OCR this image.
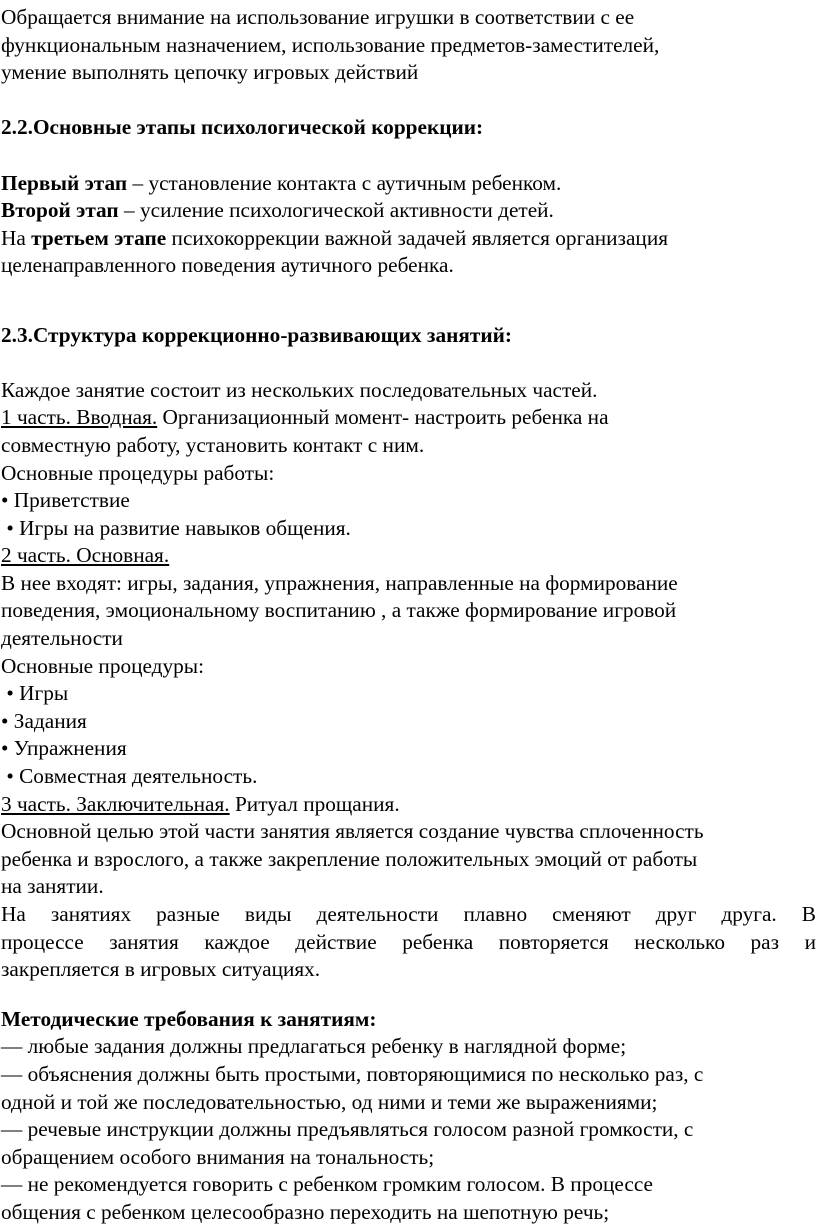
Обращается внимание на использование игрушки в соответствии с ее

функциональным назначением, использование предметов-заместителей,

умение выполнять цепочку игровых действий

2.2.Основные этапы психологической коррекции:

Первый этап – установление контакта с аутичным ребенком.

Второй этап – усиление психологической активности детей.

На третьем этапе психокоррекции важной задачей является организация

целенаправленного поведения аутичного ребенка.

2.3.Структура коррекционно-развивающих занятий:

Каждое занятие состоит из нескольких последовательных частей.

1 часть. Вводная. Организационный момент- настроить ребенка на

совместную работу, установить контакт с ним.

Основные процедуры работы:

• Приветствие

• Игры на развитие навыков общения.

2 часть. Основная.

В нее входят: игры, задания, упражнения, направленные на формирование

поведения, эмоциональному воспитанию , а также формирование игровой

деятельности

Основные процедуры:

• Игры

• Задания

• Упражнения

• Совместная деятельность.

3 часть. Заключительная. Ритуал прощания.

Основной целью этой части занятия является создание чувства сплоченность

ребенка и взрослого, а также закрепление положительных эмоций от работы

на занятии.

На занятиях разные виды деятельности плавно сменяют друг друга. В

процессе занятия каждое действие ребенка повторяется несколько раз и

закрепляется в игровых ситуациях.

Методические требования к занятиям:

— любые задания должны предлагаться ребенку в наглядной форме;

— объяснения должны быть простыми, повторяющимися по несколько раз, с

одной и той же последовательностью, од ними и теми же выражениями;

— речевые инструкции должны предъявляться голосом разной громкости, с

обращением особого внимания на тональность;

— не рекомендуется говорить с ребенком громким голосом. В процессе

общения с ребенком целесообразно переходить на шепотную речь;
